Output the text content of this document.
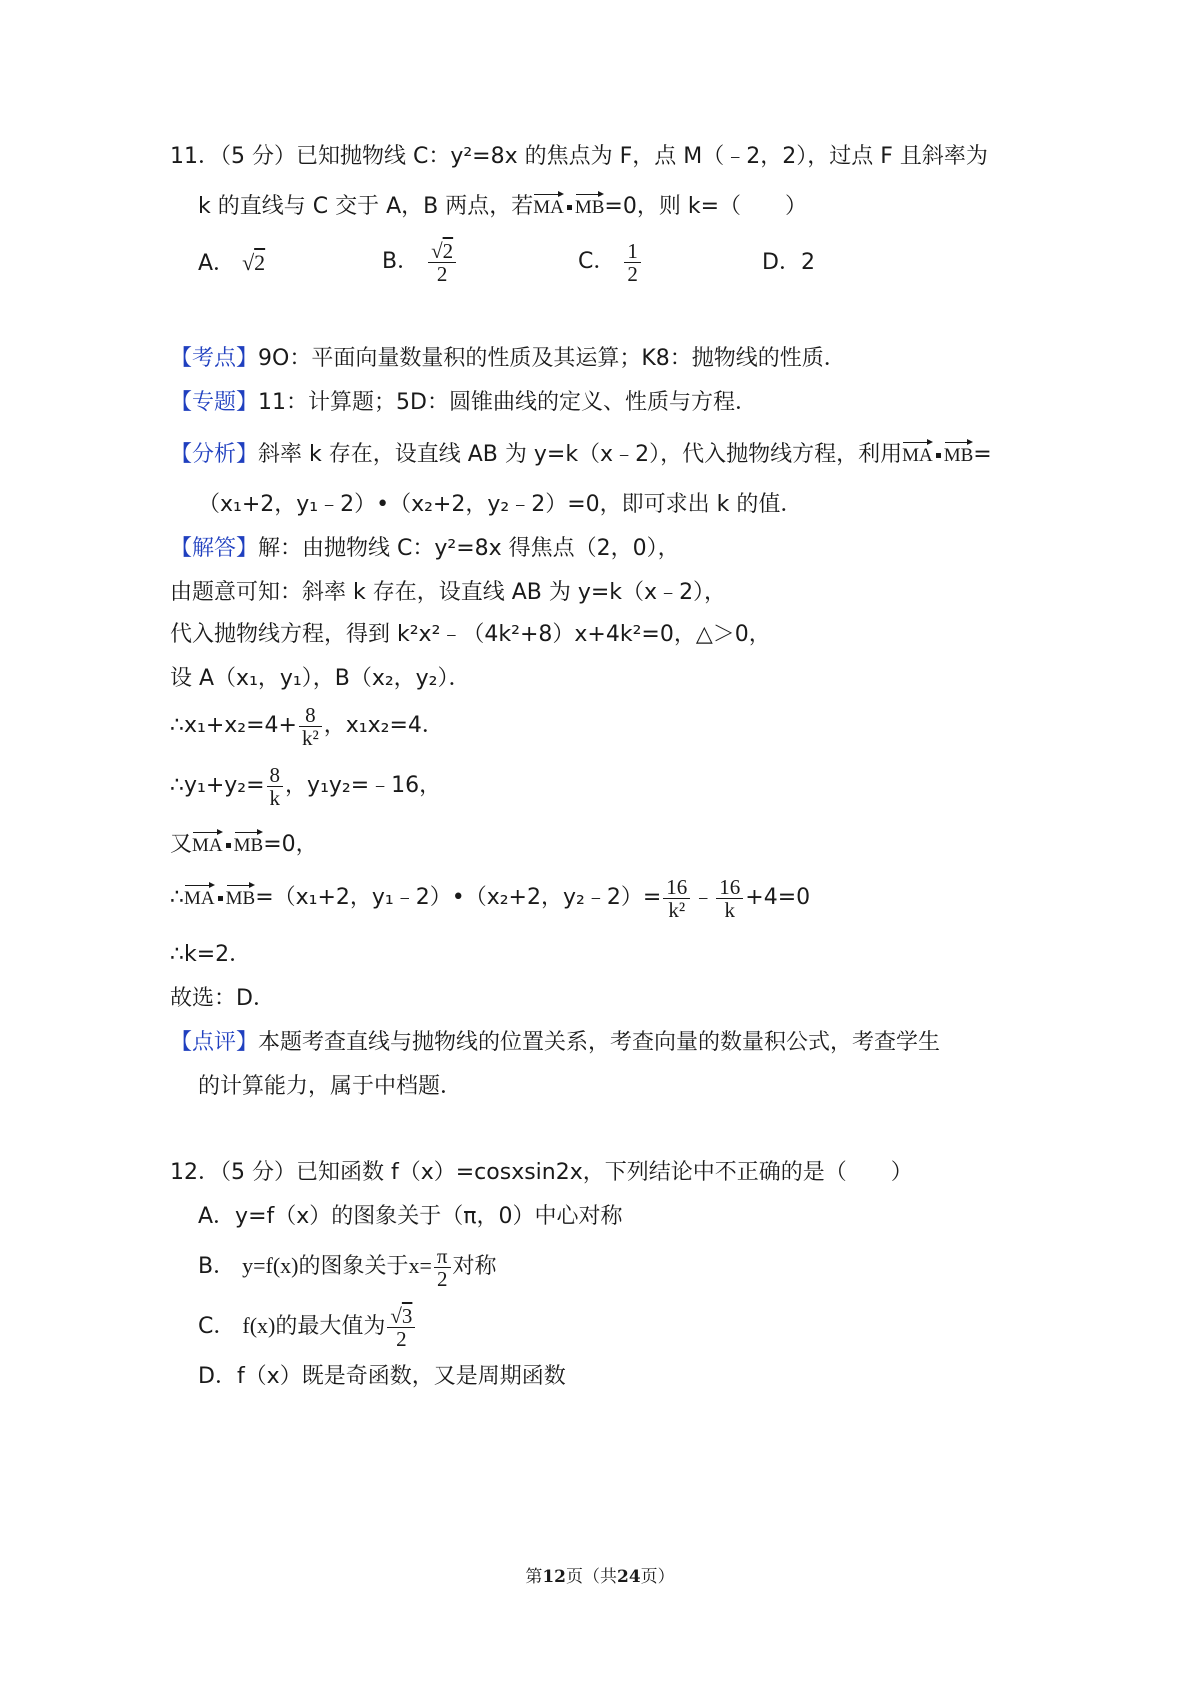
11．（5 分）已知抛物线 C：y²=8x 的焦点为 F，点 M（﹣2，2），过点 F 且斜率为
k 的直线与 C 交于 A，B 两点，若MA MB=0，则 k=（　　）
A． √2	B． $\frac{√2}{2}$	C． $\frac{1}{2}$	D．2
【考点】9O：平面向量数量积的性质及其运算；K8：抛物线的性质．
【专题】11：计算题；5D：圆锥曲线的定义、性质与方程．
【分析】斜率 k 存在，设直线 AB 为 y=k（x﹣2），代入抛物线方程，利用MA MB=
（x₁+2，y₁﹣2）•（x₂+2，y₂﹣2）=0，即可求出 k 的值．
【解答】解：由抛物线 C：y²=8x 得焦点（2，0），
由题意可知：斜率 k 存在，设直线 AB 为 y=k（x﹣2），
代入抛物线方程，得到 k²x²﹣（4k²+8）x+4k²=0，△＞0，
设 A（x₁，y₁），B（x₂，y₂）．
∴x₁+x₂=4+ $\frac{8}{\text{k²}}$ ，x₁x₂=4．
∴y₁+y₂= $\frac{8}{k}$ ，y₁y₂=﹣16，
又MA MB=0，
∴MA MB=（x₁+2，y₁﹣2）•（x₂+2，y₂﹣2）= $\frac{16}{\text{k²}}$ ﹣ $\frac{16}{k} +4=0$
∴k=2．
故选：D．
【点评】本题考查直线与抛物线的位置关系，考查向量的数量积公式，考查学生
的计算能力，属于中档题．
12．（5 分）已知函数 f（x）=cosxsin2x，下列结论中不正确的是（　　）
A．y=f（x）的图象关于（π，0）中心对称
B． y=f(x)的图象关于$x= \frac{\pi}{2}$ 对称
C． f(x)的最大值为 $\frac{√3}{2}$
D．f（x）既是奇函数，又是周期函数
第12页（共24页）
